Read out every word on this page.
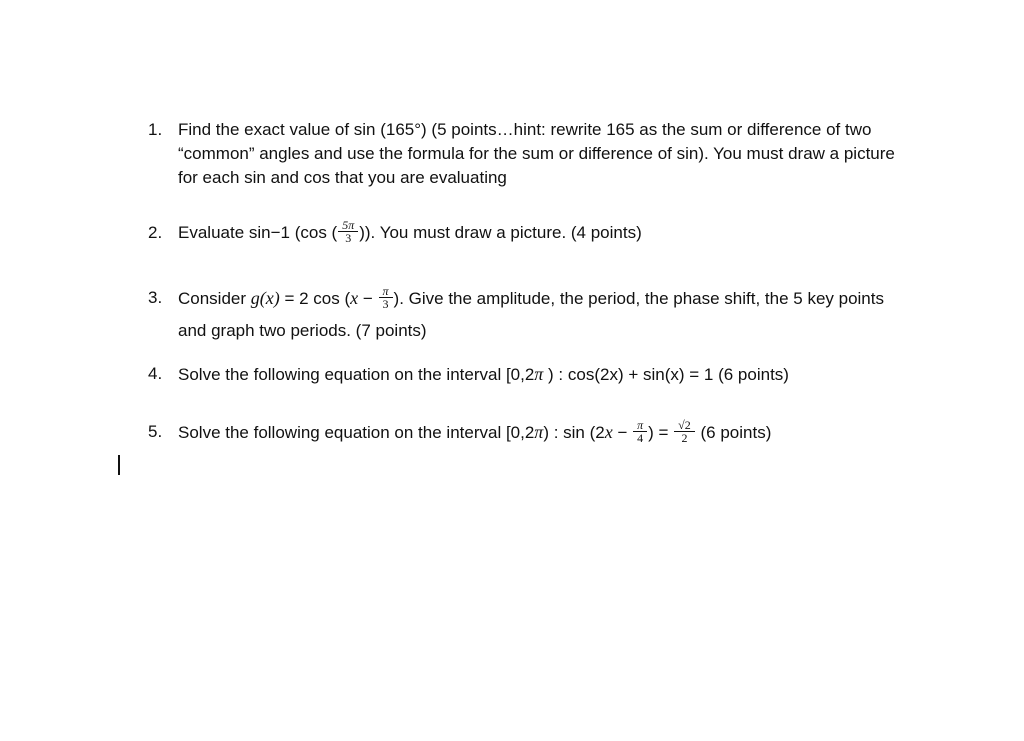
1. Find the exact value of sin (165°) (5 points…hint: rewrite 165 as the sum or difference of two “common” angles and use the formula for the sum or difference of sin). You must draw a picture for each sin and cos that you are evaluating
2. Evaluate sin−1 (cos ( $\frac{5\pi}{3}$ )). You must draw a picture. (4 points)
3. Consider g(x) = 2 $\cos (x - \frac{\pi}{3}$ ). Give the amplitude, the period, the phase shift, the 5 key points and graph two periods. (7 points)
4. Solve the following equation on the interval [0,2π ) : cos(2x) + sin(x) = 1 (6 points)
5. Solve the following equation on the interval [0,2π) : $\sin (2x - \frac{\pi}{4}$ ) = $\frac{√2}{2} (6$ points)
